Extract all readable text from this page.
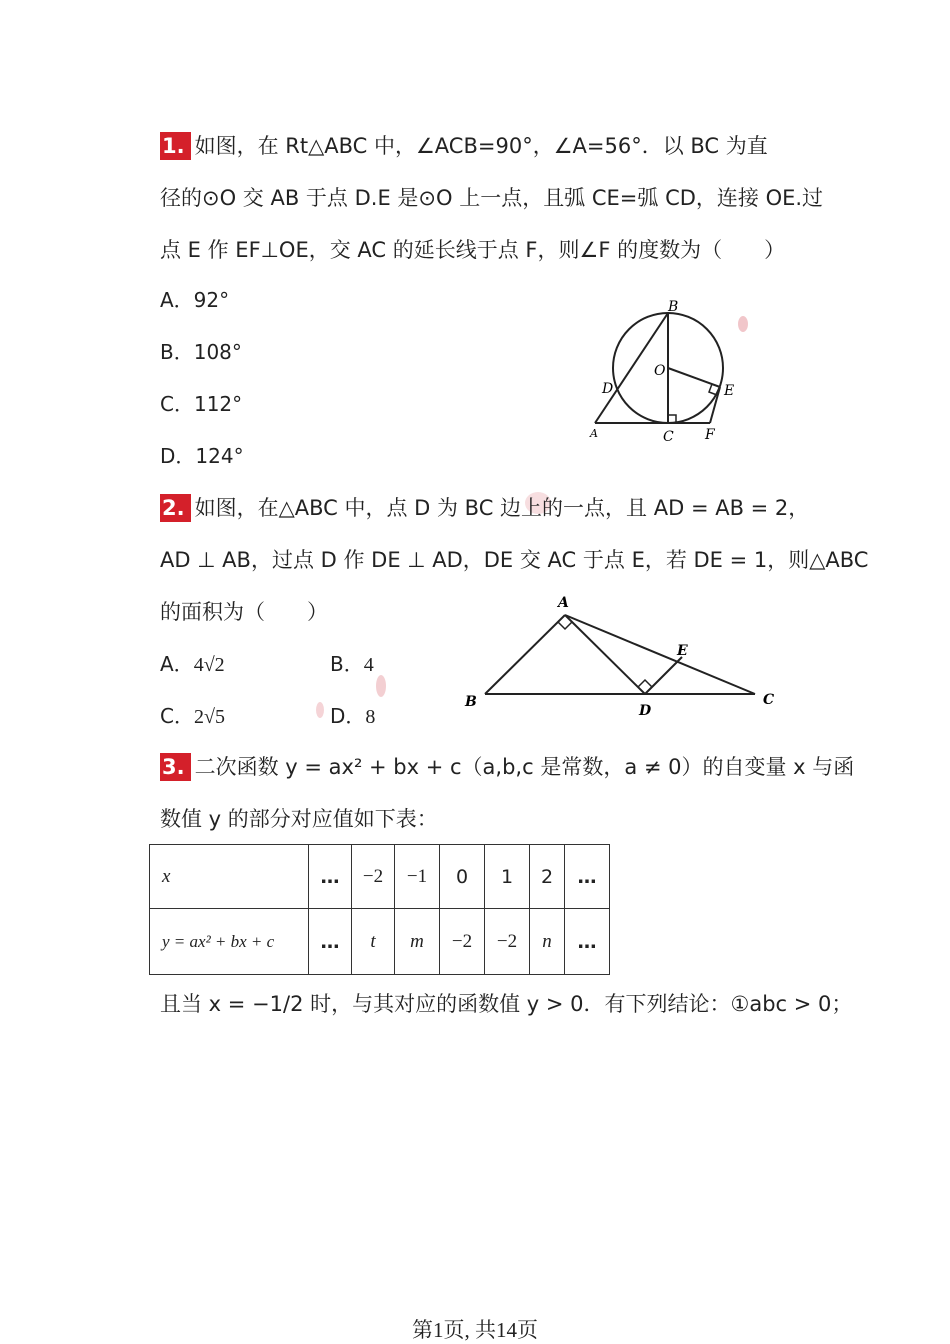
1. 如图，在 Rt△ABC 中，∠ACB=90°，∠A=56°．以 BC 为直
径的⊙O 交 AB 于点 D.E 是⊙O 上一点，且弧 CE=弧 CD，连接 OE.过
点 E 作 EF⊥OE，交 AC 的延长线于点 F，则∠F 的度数为（　　）
A．92°
B．108°
C．112°
D．124°
B
O
D	E
A	C F
2. 如图，在△ABC 中，点 D 为 BC 边上的一点，且 AD = AB = 2，
AD ⊥ AB，过点 D 作 DE ⊥ AD，DE 交 AC 于点 E，若 DE = 1，则△ABC
的面积为（　　）
A．4√2	B．4
C．2√5	D．8
A
B	C
D
E
3. 二次函数 y = ax² + bx + c（a,b,c 是常数，a ≠ 0）的自变量 x 与函
数值 y 的部分对应值如下表：
x	…	−2	−1	0	1	2	…
y = ax² + bx + c	…	t	m	−2	−2	n	…
且当 x = −1/2 时，与其对应的函数值 y > 0．有下列结论：①abc > 0；
第1页, 共14页
